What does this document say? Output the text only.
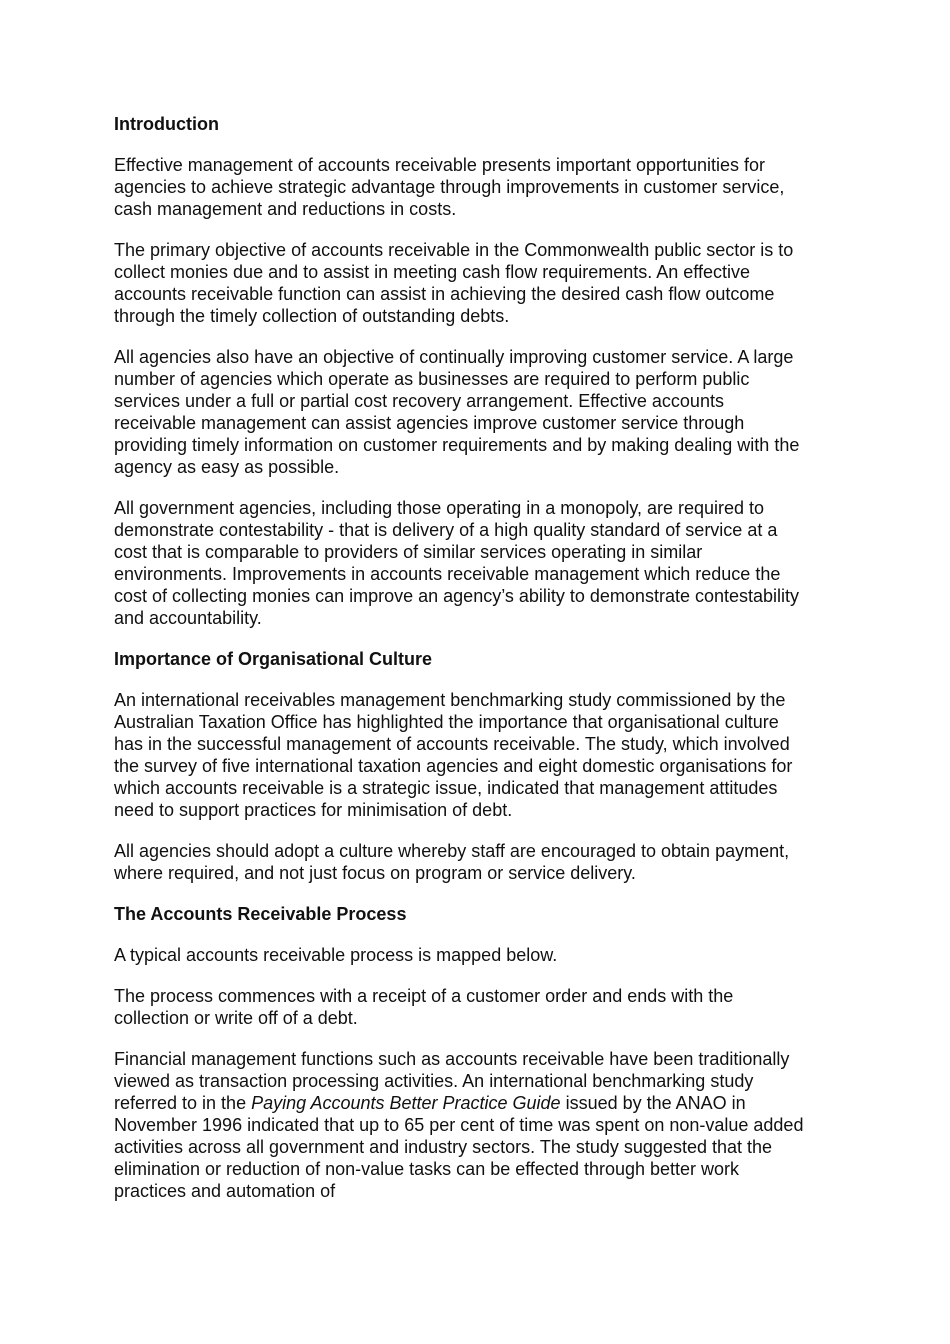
Introduction

Effective management of accounts receivable presents important opportunities for agencies to achieve strategic advantage through improvements in customer service, cash management and reductions in costs.

The primary objective of accounts receivable in the Commonwealth public sector is to collect monies due and to assist in meeting cash flow requirements. An effective accounts receivable function can assist in achieving the desired cash flow outcome through the timely collection of outstanding debts.

All agencies also have an objective of continually improving customer service. A large number of agencies which operate as businesses are required to perform public services under a full or partial cost recovery arrangement. Effective accounts receivable management can assist agencies improve customer service through providing timely information on customer requirements and by making dealing with the agency as easy as possible.

All government agencies, including those operating in a monopoly, are required to demonstrate contestability - that is delivery of a high quality standard of service at a cost that is comparable to providers of similar services operating in similar environments. Improvements in accounts receivable management which reduce the cost of collecting monies can improve an agency’s ability to demonstrate contestability and accountability.

Importance of Organisational Culture

An international receivables management benchmarking study commissioned by the Australian Taxation Office has highlighted the importance that organisational culture has in the successful management of accounts receivable. The study, which involved the survey of five international taxation agencies and eight domestic organisations for which accounts receivable is a strategic issue, indicated that management attitudes need to support practices for minimisation of debt.

All agencies should adopt a culture whereby staff are encouraged to obtain payment, where required, and not just focus on program or service delivery.

The Accounts Receivable Process

A typical accounts receivable process is mapped below.

The process commences with a receipt of a customer order and ends with the collection or write off of a debt.

Financial management functions such as accounts receivable have been traditionally viewed as transaction processing activities. An international benchmarking study referred to in the Paying Accounts Better Practice Guide issued by the ANAO in November 1996 indicated that up to 65 per cent of time was spent on non-value added activities across all government and industry sectors. The study suggested that the elimination or reduction of non-value tasks can be effected through better work practices and automation of
